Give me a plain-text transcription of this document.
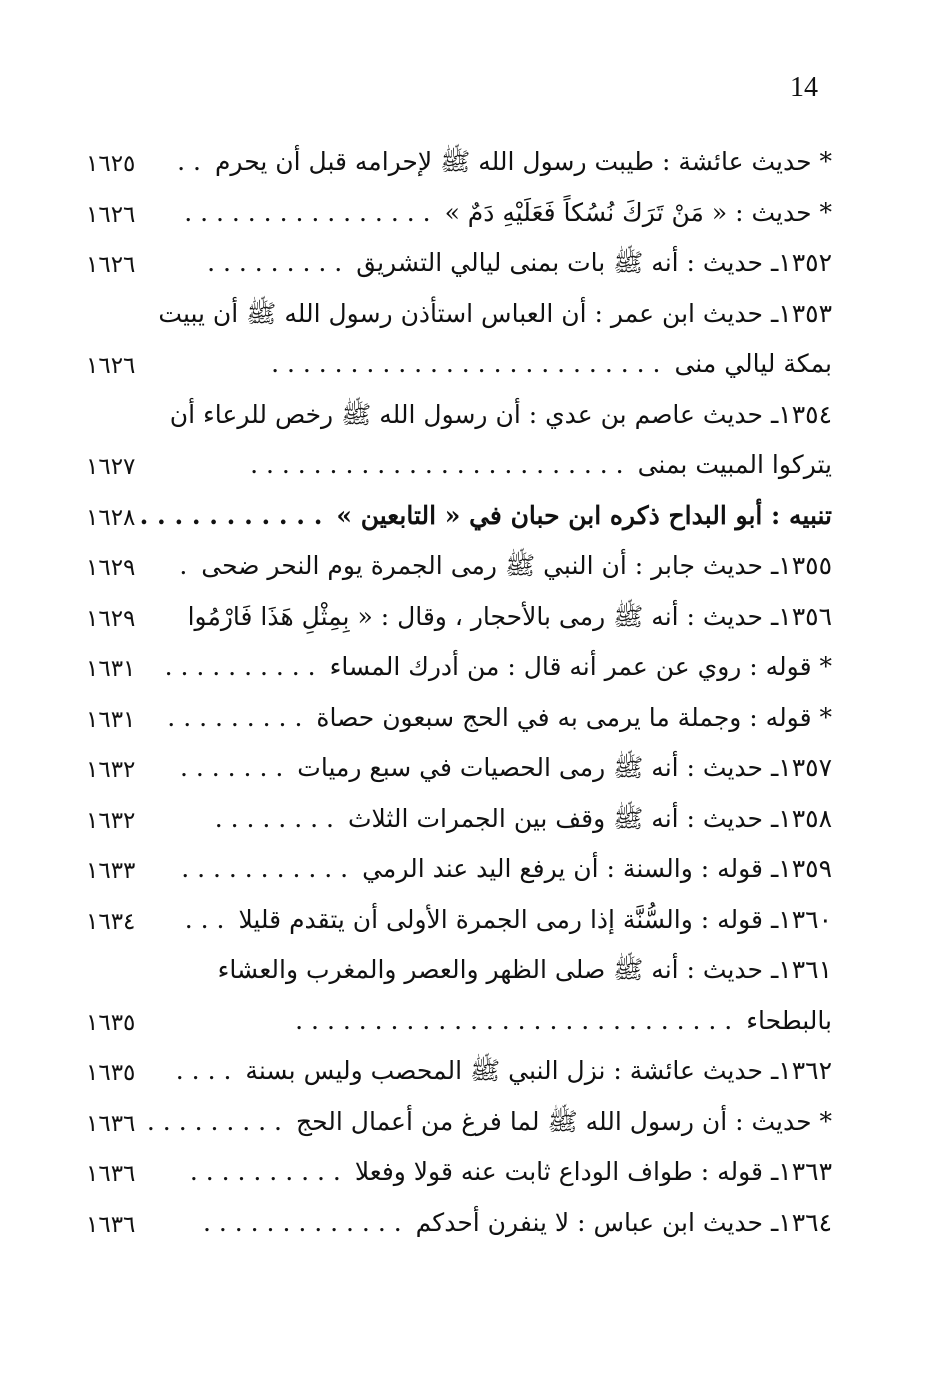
14
* حديث عائشة : طيبت رسول الله ﷺ لإحرامه قبل أن يحرم. .
١٦٢٥
* حديث : « مَنْ تَرَكَ نُسُكاً فَعَلَيْهِ دَمٌ ». . . . . . . . . . . . . . . .
١٦٢٦
١٣٥٢ـ حديث : أنه ﷺ بات بمنى ليالي التشريق. . . . . . . . .
١٦٢٦
١٣٥٣ـ حديث ابن عمر : أن العباس استأذن رسول الله ﷺ أن يبيت
بمكة ليالي منى. . . . . . . . . . . . . . . . . . . . . . . . .
١٦٢٦
١٣٥٤ـ حديث عاصم بن عدي : أن رسول الله ﷺ رخص للرعاء أن
يتركوا المبيت بمنى. . . . . . . . . . . . . . . . . . . . . . . .
١٦٢٧
تنبيه : أبو البداح ذكره ابن حبان في « التابعين ». . . . . . . . . . .
١٦٢٨
١٣٥٥ـ حديث جابر : أن النبي ﷺ رمى الجمرة يوم النحر ضحى.
١٦٢٩
١٣٥٦ـ حديث : أنه ﷺ رمى بالأحجار ، وقال : « بِمِثْلِ هَذَا فَارْمُوا
١٦٢٩
* قوله : روي عن عمر أنه قال : من أدرك المساء. . . . . . . . . .
١٦٣١
* قوله : وجملة ما يرمى به في الحج سبعون حصاة. . . . . . . . .
١٦٣١
١٣٥٧ـ حديث : أنه ﷺ رمى الحصيات في سبع رميات. . . . . . .
١٦٣٢
١٣٥٨ـ حديث : أنه ﷺ وقف بين الجمرات الثلاث. . . . . . . .
١٦٣٢
١٣٥٩ـ قوله : والسنة : أن يرفع اليد عند الرمي. . . . . . . . . . .
١٦٣٣
١٣٦٠ـ قوله : والسُّنَّة إذا رمى الجمرة الأولى أن يتقدم قليلا. . .
١٦٣٤
١٣٦١ـ حديث : أنه ﷺ صلى الظهر والعصر والمغرب والعشاء
بالبطحاء. . . . . . . . . . . . . . . . . . . . . . . . . . . .
١٦٣٥
١٣٦٢ـ حديث عائشة : نزل النبي ﷺ المحصب وليس بسنة. . . .
١٦٣٥
* حديث : أن رسول الله ﷺ لما فرغ من أعمال الحج. . . . . . . . .
١٦٣٦
١٣٦٣ـ قوله : طواف الوداع ثابت عنه قولا وفعلا. . . . . . . . . .
١٦٣٦
١٣٦٤ـ حديث ابن عباس : لا ينفرن أحدكم. . . . . . . . . . . . .
١٦٣٦
